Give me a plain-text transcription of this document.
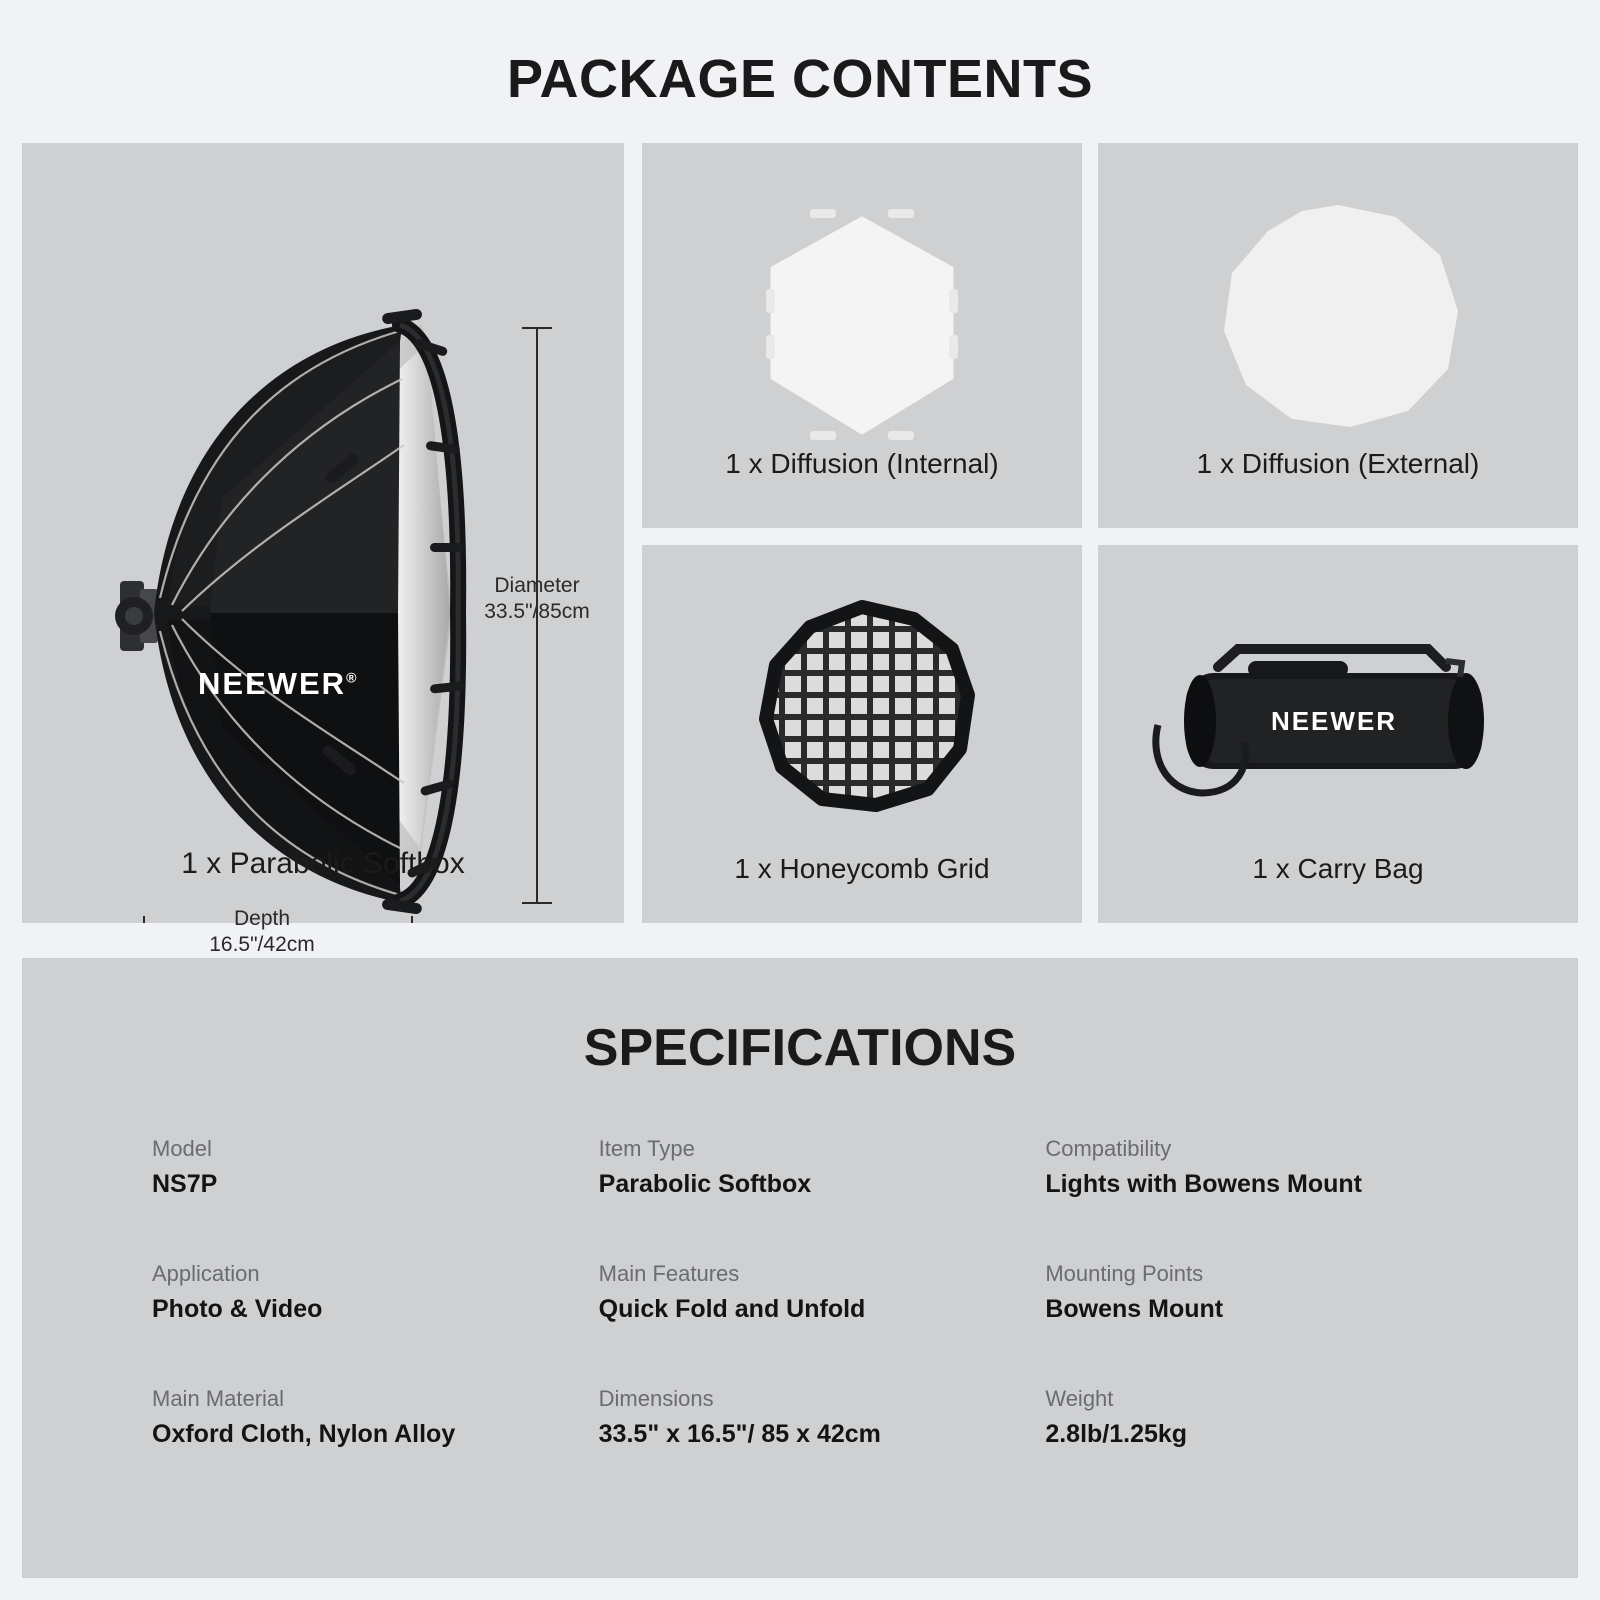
PACKAGE CONTENTS
Diameter
33.5"/85cm
Depth
16.5"/42cm
NEEWER®
1 x Parabolic Softbox
1 x Diffusion (Internal)	1 x Diffusion (External)
1 x Honeycomb Grid
NEEWER
1 x Carry Bag
SPECIFICATIONS
Model
NS7P
Item Type
Parabolic Softbox
Compatibility
Lights with Bowens Mount
Application
Photo & Video
Main Features
Quick Fold and Unfold
Mounting Points
Bowens Mount
Main Material
Oxford Cloth, Nylon Alloy
Dimensions
33.5" x 16.5"/ 85 x 42cm
Weight
2.8lb/1.25kg
